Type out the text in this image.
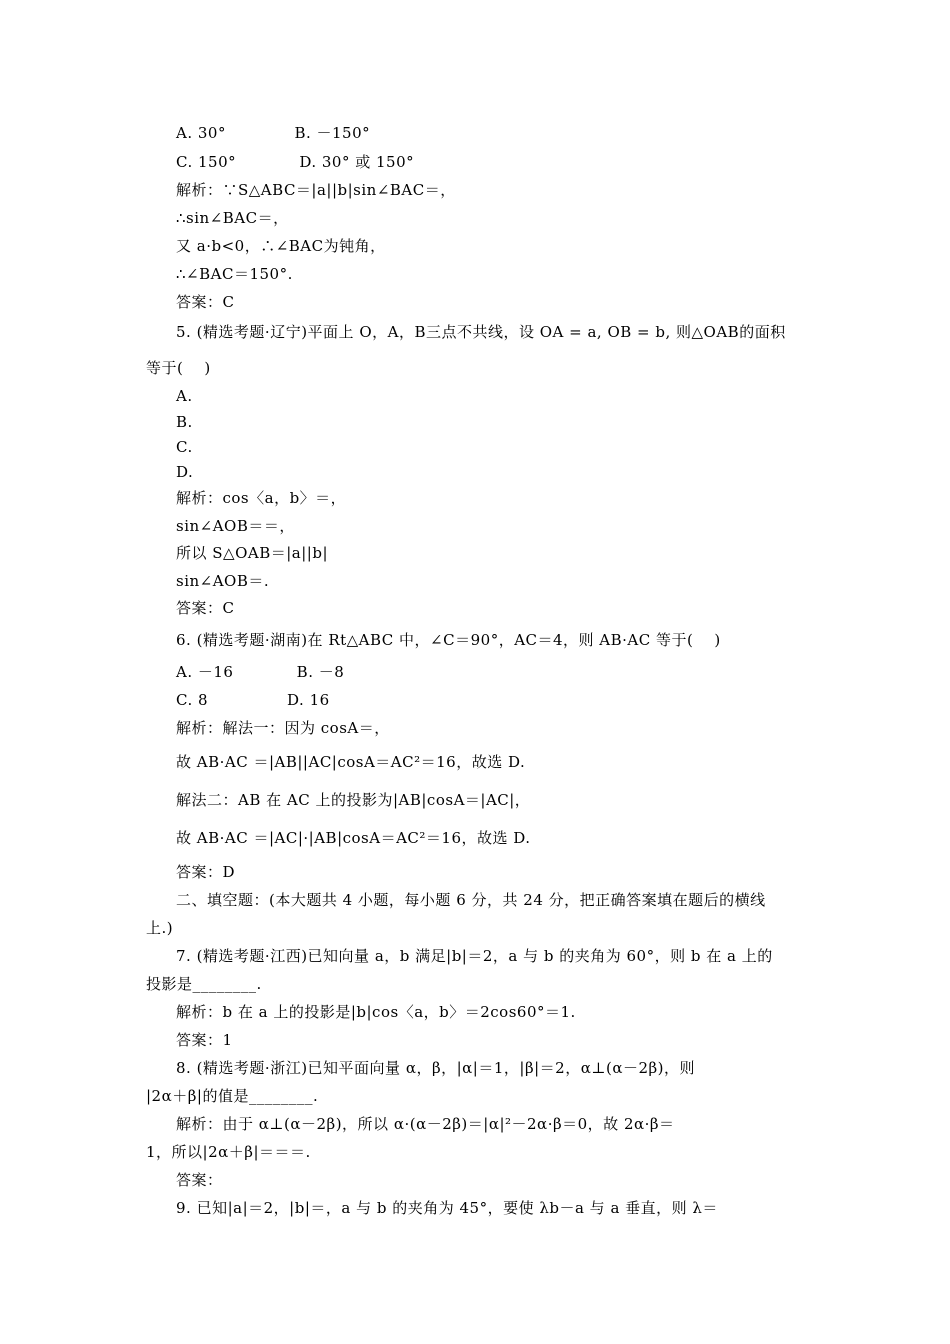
A. 30°             B. －150°
C. 150°            D. 30° 或 150°
解析：∵S△ABC＝|a||b|sin∠BAC＝，
∴sin∠BAC＝，
又 a·b<0，∴∠BAC为钝角，
∴∠BAC＝150°.
答案：C
5. (精选考题·辽宁)平面上 O，A，B三点不共线，设 OA = a, OB = b, 则△OAB的面积
等于(    )
A.
B.
C.
D.
解析：cos〈a，b〉＝，
sin∠AOB＝＝，
所以 S△OAB＝|a||b|
sin∠AOB＝.
答案：C
6. (精选考题·湖南)在 Rt△ABC 中，∠C＝90°，AC＝4，则 AB·AC 等于(    )
A. －16            B. －8
C. 8               D. 16
解析：解法一：因为 cosA＝，
故 AB·AC ＝|AB||AC|cosA＝AC²＝16，故选 D.
解法二：AB 在 AC 上的投影为|AB|cosA＝|AC|，
故 AB·AC ＝|AC|·|AB|cosA＝AC²＝16，故选 D.
答案：D
二、填空题：(本大题共 4 小题，每小题 6 分，共 24 分，把正确答案填在题后的横线
上.)
7. (精选考题·江西)已知向量 a，b 满足|b|＝2，a 与 b 的夹角为 60°，则 b 在 a 上的
投影是________.
解析：b 在 a 上的投影是|b|cos〈a，b〉＝2cos60°＝1.
答案：1
8. (精选考题·浙江)已知平面向量 α，β，|α|＝1，|β|＝2，α⊥(α－2β)，则
|2α＋β|的值是________.
解析：由于 α⊥(α－2β)，所以 α·(α－2β)＝|α|²－2α·β＝0，故 2α·β＝
1，所以|2α＋β|＝＝＝.
答案：
9. 已知|a|＝2，|b|＝，a 与 b 的夹角为 45°，要使 λb－a 与 a 垂直，则 λ＝
